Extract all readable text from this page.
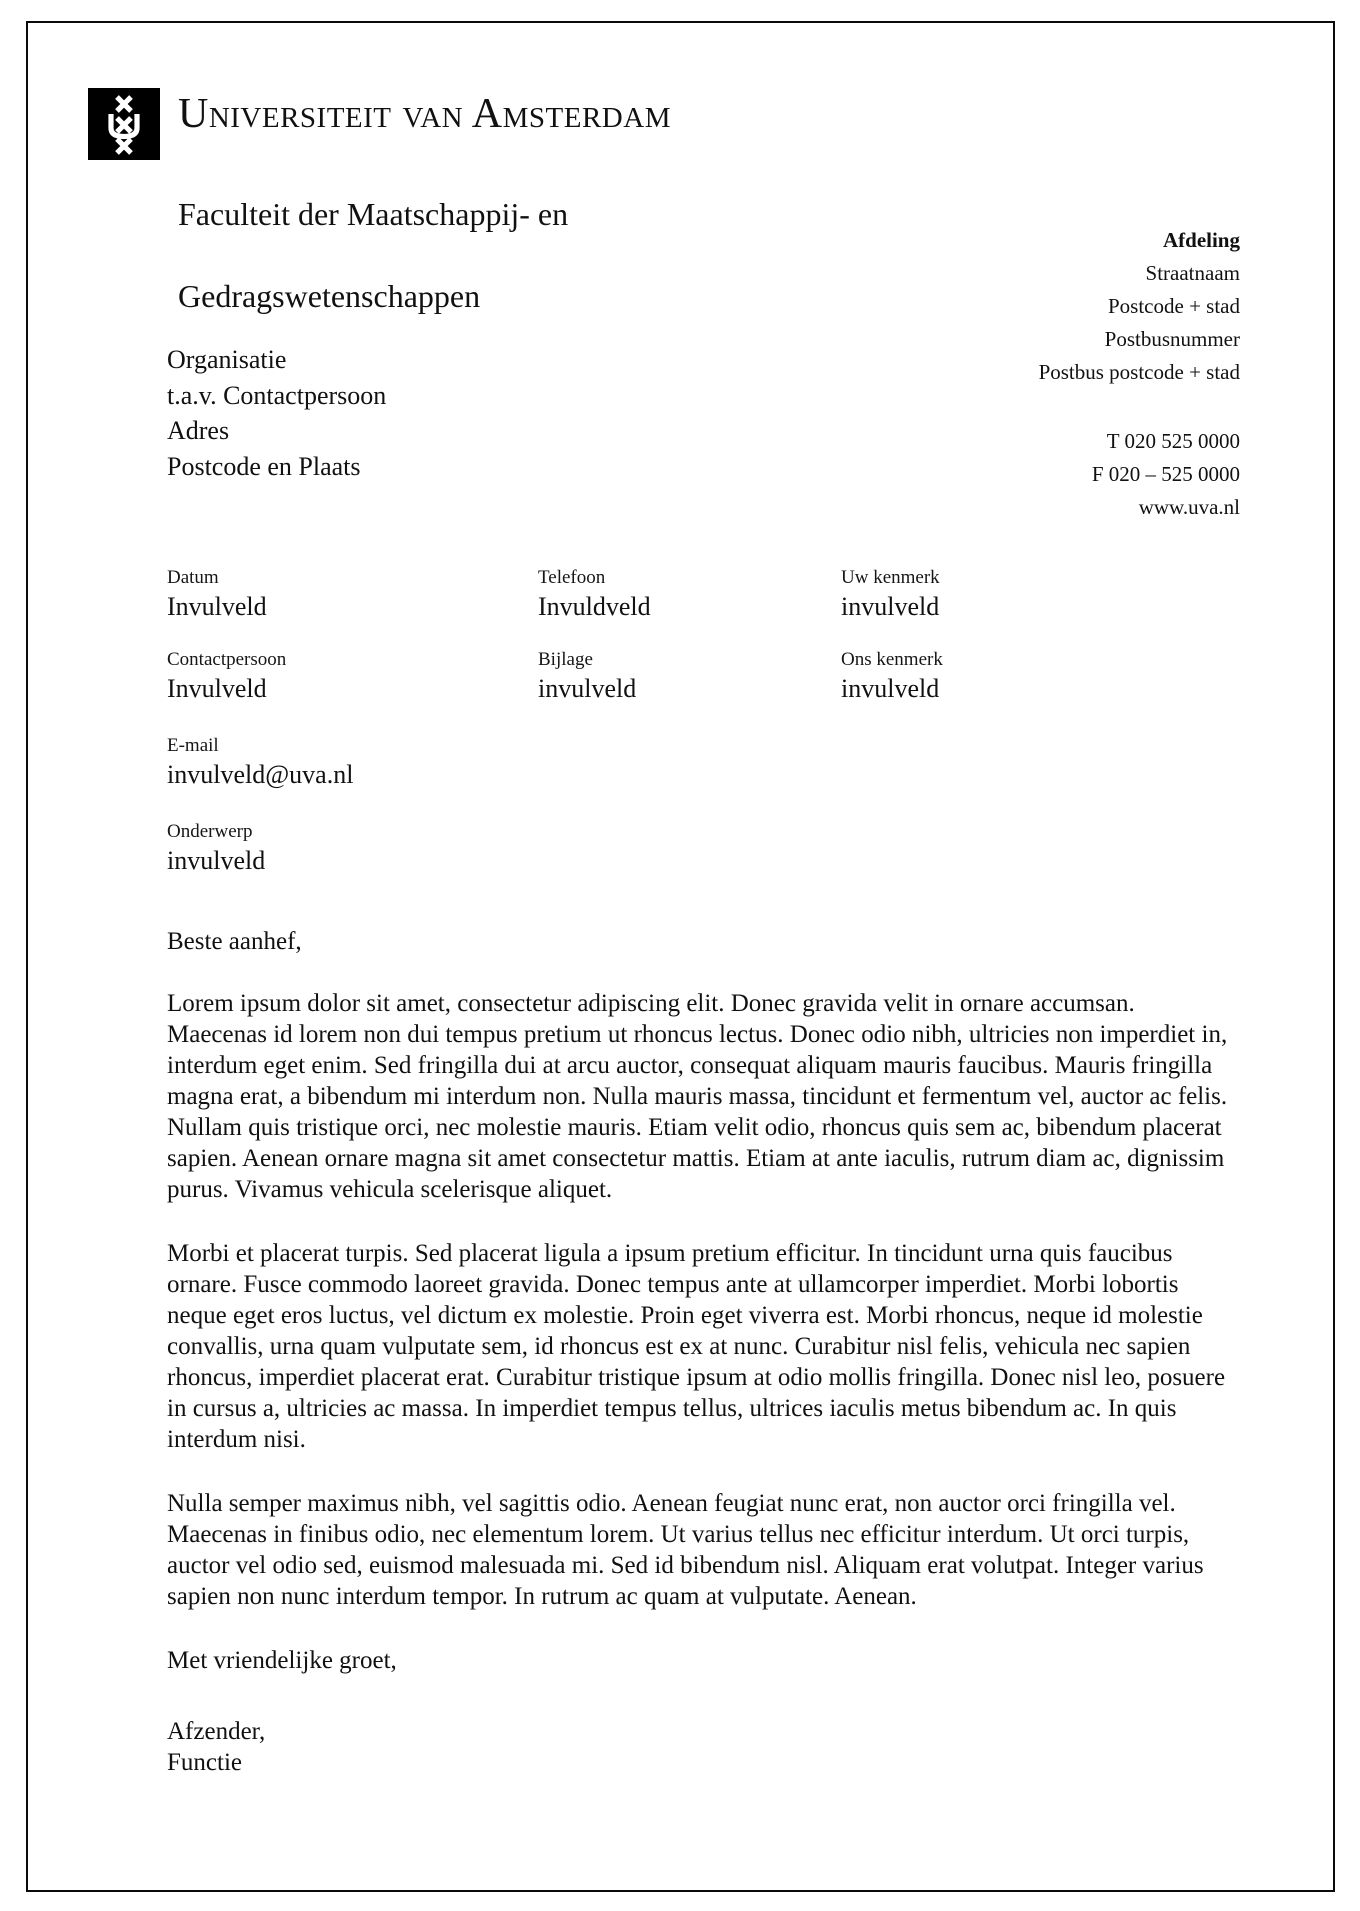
Universiteit van Amsterdam

Faculteit der Maatschappij- en

Gedragswetenschappen

Afdeling
Straatnaam
Postcode + stad
Postbusnummer
Postbus postcode + stad
T 020 525 0000
F 020 – 525 0000
www.uva.nl
Organisatie
t.a.v. Contactpersoon
Adres
Postcode en Plaats
Datum
Invulveld
Telefoon
Invuldveld
Uw kenmerk
invulveld
Contactpersoon
Invulveld
Bijlage
invulveld
Ons kenmerk
invulveld
E-mail
invulveld@uva.nl
Onderwerp
invulveld

Beste aanhef,

Lorem ipsum dolor sit amet, consectetur adipiscing elit. Donec gravida velit in ornare accumsan. Maecenas id lorem non dui tempus pretium ut rhoncus lectus. Donec odio nibh, ultricies non imperdiet in, interdum eget enim. Sed fringilla dui at arcu auctor, consequat aliquam mauris faucibus. Mauris fringilla magna erat, a bibendum mi interdum non. Nulla mauris massa, tincidunt et fermentum vel, auctor ac felis. Nullam quis tristique orci, nec molestie mauris. Etiam velit odio, rhoncus quis sem ac, bibendum placerat sapien. Aenean ornare magna sit amet consectetur mattis. Etiam at ante iaculis, rutrum diam ac, dignissim purus. Vivamus vehicula scelerisque aliquet.

Morbi et placerat turpis. Sed placerat ligula a ipsum pretium efficitur. In tincidunt urna quis faucibus ornare. Fusce commodo laoreet gravida. Donec tempus ante at ullamcorper imperdiet. Morbi lobortis neque eget eros luctus, vel dictum ex molestie. Proin eget viverra est. Morbi rhoncus, neque id molestie convallis, urna quam vulputate sem, id rhoncus est ex at nunc. Curabitur nisl felis, vehicula nec sapien rhoncus, imperdiet placerat erat. Curabitur tristique ipsum at odio mollis fringilla. Donec nisl leo, posuere in cursus a, ultricies ac massa. In imperdiet tempus tellus, ultrices iaculis metus bibendum ac. In quis interdum nisi.

Nulla semper maximus nibh, vel sagittis odio. Aenean feugiat nunc erat, non auctor orci fringilla vel. Maecenas in finibus odio, nec elementum lorem. Ut varius tellus nec efficitur interdum. Ut orci turpis, auctor vel odio sed, euismod malesuada mi. Sed id bibendum nisl. Aliquam erat volutpat. Integer varius sapien non nunc interdum tempor. In rutrum ac quam at vulputate. Aenean.

Met vriendelijke groet,

Afzender,
Functie
